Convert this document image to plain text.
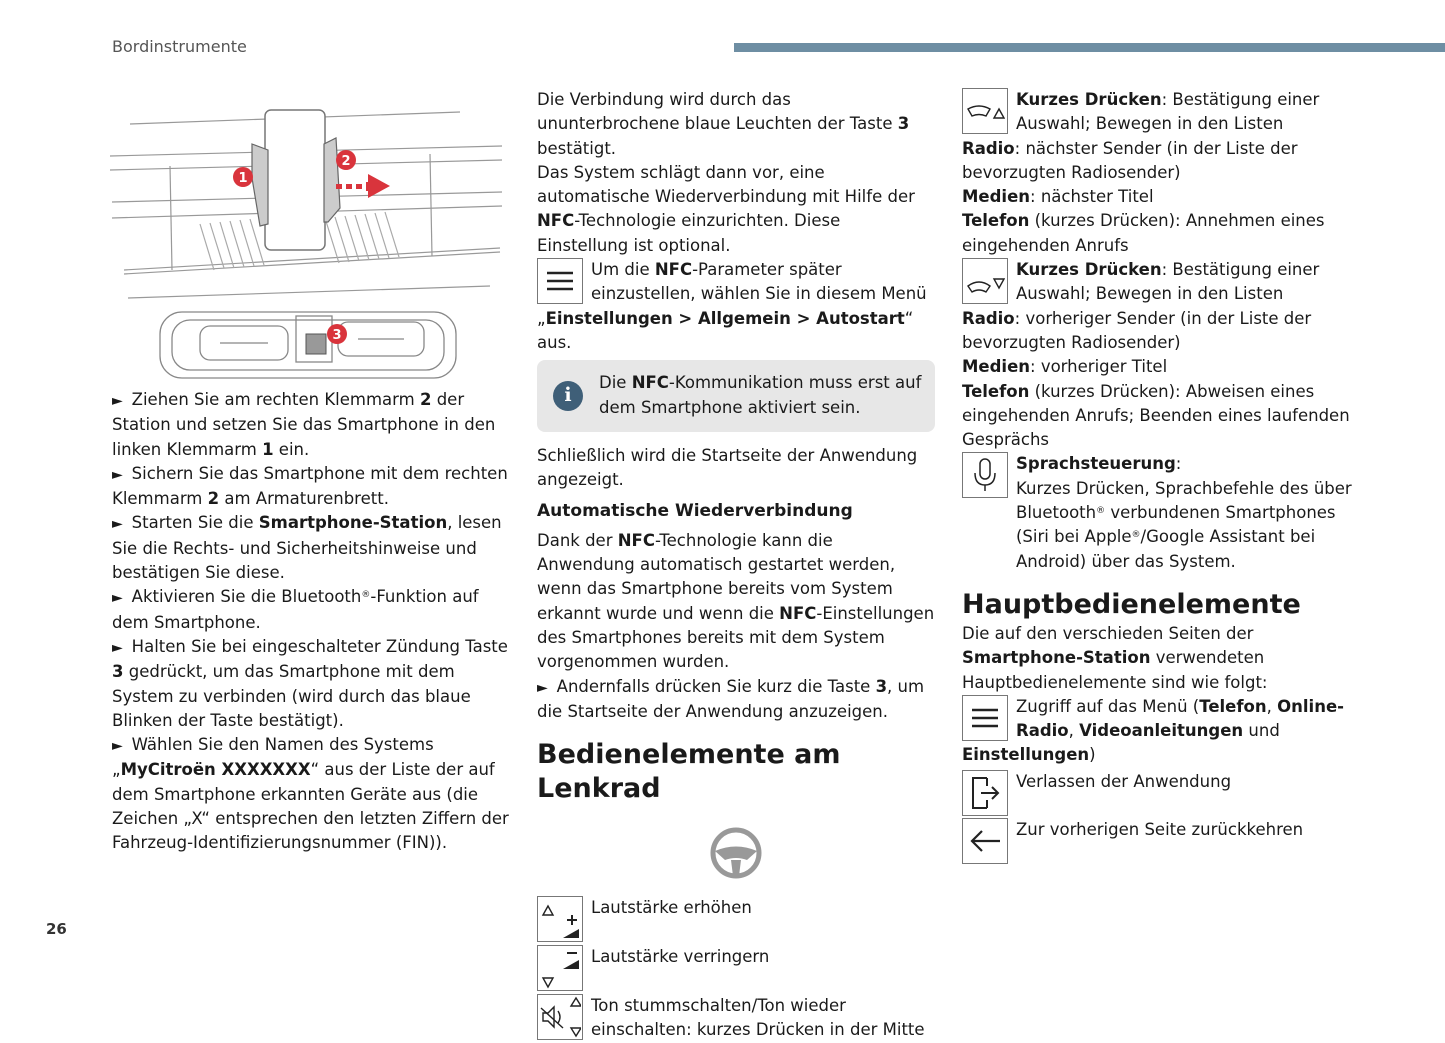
Bordinstrumente
26
1
2
3

►  Ziehen Sie am rechten Klemmarm 2 der Station und setzen Sie das Smartphone in den linken Klemmarm 1 ein.

►  Sichern Sie das Smartphone mit dem rechten Klemmarm 2 am Armaturenbrett.

►  Starten Sie die Smartphone-Station, lesen Sie die Rechts- und Sicherheitshinweise und bestätigen Sie diese.

►  Aktivieren Sie die Bluetooth®-Funktion auf dem Smartphone.

►  Halten Sie bei eingeschalteter Zündung Taste 3 gedrückt, um das Smartphone mit dem System zu verbinden (wird durch das blaue Blinken der Taste bestätigt).

►  Wählen Sie den Namen des Systems „MyCitroën XXXXXXX“ aus der Liste der auf dem Smartphone erkannten Geräte aus (die Zeichen „X“ entsprechen den letzten Ziffern der Fahrzeug-Identifizierungsnummer (FIN)).

Die Verbindung wird durch das ununterbrochene blaue Leuchten der Taste 3 bestätigt.

Das System schlägt dann vor, eine automatische Wiederverbindung mit Hilfe der NFC-Technologie einzurichten. Diese Einstellung ist optional.

Um die NFC-Parameter später einzustellen, wählen Sie in diesem Menü

„Einstellungen > Allgemein > Autostart“ aus.

i

Die NFC-Kommunikation muss erst auf dem Smartphone aktiviert sein.

Schließlich wird die Startseite der Anwendung angezeigt.

Automatische Wiederverbindung

Dank der NFC-Technologie kann die Anwendung automatisch gestartet werden, wenn das Smartphone bereits vom System erkannt wurde und wenn die NFC-Einstellungen des Smartphones bereits mit dem System vorgenommen wurden.

►  Andernfalls drücken Sie kurz die Taste 3, um die Startseite der Anwendung anzuzeigen.

Bedienelemente am Lenkrad

Lautstärke erhöhen

Lautstärke verringern

Ton stummschalten/Ton wieder einschalten: kurzes Drücken in der Mitte

Kurzes Drücken: Bestätigung einer Auswahl; Bewegen in den Listen

Radio: nächster Sender (in der Liste der bevorzugten Radiosender)

Medien: nächster Titel

Telefon (kurzes Drücken): Annehmen eines eingehenden Anrufs

Kurzes Drücken: Bestätigung einer Auswahl; Bewegen in den Listen

Radio: vorheriger Sender (in der Liste der bevorzugten Radiosender)

Medien: vorheriger Titel

Telefon (kurzes Drücken): Abweisen eines eingehenden Anrufs; Beenden eines laufenden Gesprächs

Sprachsteuerung:
Kurzes Drücken, Sprachbefehle des über Bluetooth® verbundenen Smartphones (Siri bei Apple®/Google Assistant bei Android) über das System.

Hauptbedienelemente

Die auf den verschieden Seiten der Smartphone-Station verwendeten Hauptbedienelemente sind wie folgt:

Zugriff auf das Menü (Telefon, Online-Radio, Videoanleitungen und

Einstellungen)

Verlassen der Anwendung

Zur vorherigen Seite zurückkehren
